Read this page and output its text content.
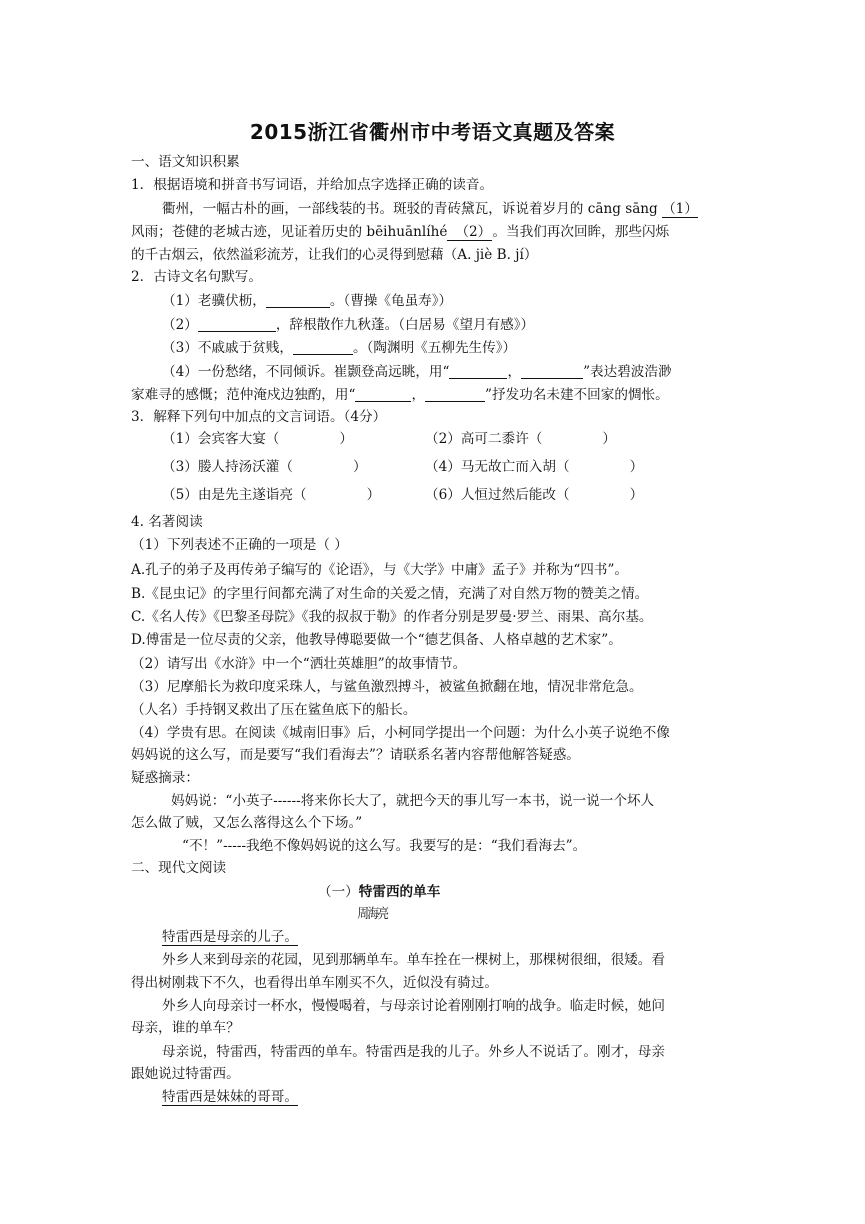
2015浙江省衢州市中考语文真题及答案
一、语文知识积累
1．根据语境和拼音书写词语，并给加点字选择正确的读音。
衢州，一幅古朴的画，一部线装的书。斑驳的青砖黛瓦，诉说着岁月的 cāng sāng （1）
风雨；苍健的老城古迹，见证着历史的 bēihuānlíhé （2） 。当我们再次回眸，那些闪烁
的千古烟云，依然溢彩流芳，让我们的心灵得到慰藉（A. jiè B. jí）
2．古诗文名句默写。
（1）老骥伏枥，	。（曹操《龟虽寿》）
（2）	，辞根散作九秋蓬。（白居易《望月有感》）
（3）不戚戚于贫贱，	。（陶渊明《五柳先生传》）
（4）一份愁绪，不同倾诉。崔颢登高远眺，用“	，	”表达碧波浩渺
家难寻的感慨；范仲淹戍边独酌，用“	，	”抒发功名未建不回家的惆怅。
3．解释下列句中加点的文言词语。（4分）
（1）会宾客大宴（	）	（2）高可二黍许（	）
（3）媵人持汤沃灌（	）	（4）马无故亡而入胡（	）
（5）由是先主遂诣亮（	）	（6）人恒过然后能改（	）
4. 名著阅读
（1）下列表述不正确的一项是（ ）
A.孔子的弟子及再传弟子编写的《论语》，与《大学》中庸》孟子》并称为“四书”。
B.《昆虫记》的字里行间都充满了对生命的关爱之情，充满了对自然万物的赞美之情。
C.《名人传》《巴黎圣母院》《我的叔叔于勒》的作者分别是罗曼·罗兰、雨果、高尔基。
D.傅雷是一位尽责的父亲，他教导傅聪要做一个“德艺俱备、人格卓越的艺术家”。
（2）请写出《水浒》中一个“洒壮英雄胆”的故事情节。
（3）尼摩船长为救印度采珠人，与鲨鱼激烈搏斗，被鲨鱼掀翻在地，情况非常危急。
（人名）手持钢叉救出了压在鲨鱼底下的船长。
（4）学贵有思。在阅读《城南旧事》后，小柯同学提出一个问题：为什么小英子说绝不像
妈妈说的这么写，而是要写“我们看海去”？请联系名著内容帮他解答疑惑。
疑惑摘录：
妈妈说：“小英子------将来你长大了，就把今天的事儿写一本书，说一说一个坏人
怎么做了贼，又怎么落得这么个下场。”
“不！”-----我绝不像妈妈说的这么写。我要写的是：“我们看海去”。
二、现代文阅读
（一）特雷西的单车
周海亮
特雷西是母亲的儿子。
外乡人来到母亲的花园，见到那辆单车。单车拴在一棵树上，那棵树很细，很矮。看
得出树刚栽下不久，也看得出单车刚买不久，近似没有骑过。
外乡人向母亲讨一杯水，慢慢喝着，与母亲讨论着刚刚打响的战争。临走时候，她问
母亲，谁的单车？
母亲说，特雷西，特雷西的单车。特雷西是我的儿子。外乡人不说话了。刚才，母亲
跟她说过特雷西。
特雷西是妹妹的哥哥。
